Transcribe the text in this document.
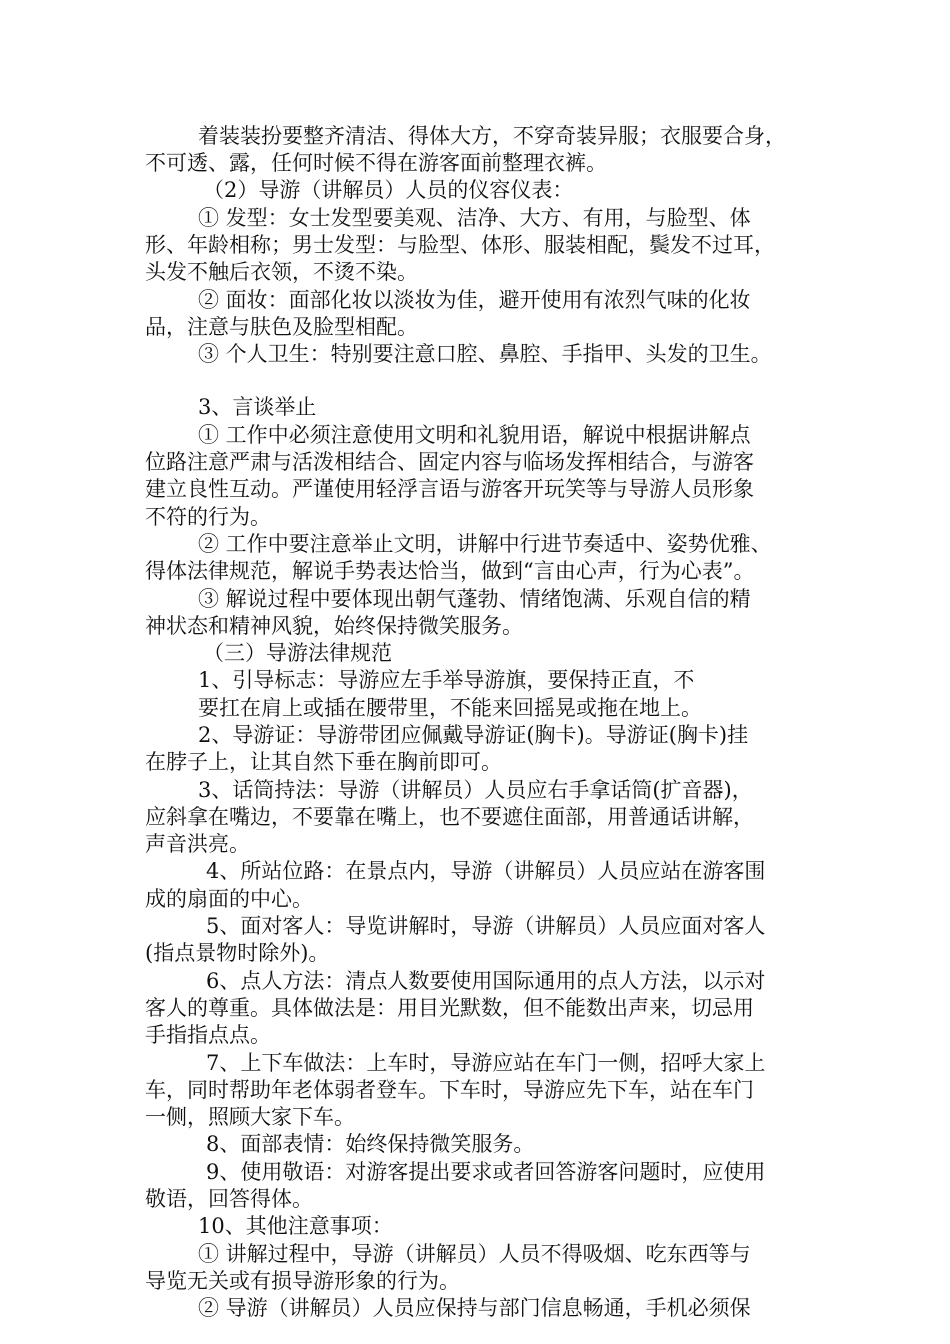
着装装扮要整齐清洁、得体大方，不穿奇装异服；衣服要合身，

不可透、露，任何时候不得在游客面前整理衣裤。

（2）导游（讲解员）人员的仪容仪表：

① 发型：女士发型要美观、洁净、大方、有用，与脸型、体

形、年龄相称；男士发型：与脸型、体形、服装相配，鬓发不过耳，

头发不触后衣领，不烫不染。

② 面妆：面部化妆以淡妆为佳，避开使用有浓烈气味的化妆

品，注意与肤色及脸型相配。

③ 个人卫生：特别要注意口腔、鼻腔、手指甲、头发的卫生。

3、言谈举止

① 工作中必须注意使用文明和礼貌用语，解说中根据讲解点

位路注意严肃与活泼相结合、固定内容与临场发挥相结合，与游客

建立良性互动。严谨使用轻浮言语与游客开玩笑等与导游人员形象

不符的行为。

② 工作中要注意举止文明，讲解中行进节奏适中、姿势优雅、

得体法律规范，解说手势表达恰当，做到“言由心声，行为心表”。

③ 解说过程中要体现出朝气蓬勃、情绪饱满、乐观自信的精

神状态和精神风貌，始终保持微笑服务。

（三）导游法律规范

1、引导标志：导游应左手举导游旗，要保持正直，不

要扛在肩上或插在腰带里，不能来回摇晃或拖在地上。

2、导游证：导游带团应佩戴导游证(胸卡)。导游证(胸卡)挂

在脖子上，让其自然下垂在胸前即可。

3、话筒持法：导游（讲解员）人员应右手拿话筒(扩音器)，

应斜拿在嘴边，不要靠在嘴上，也不要遮住面部，用普通话讲解，

声音洪亮。

4、所站位路：在景点内，导游（讲解员）人员应站在游客围

成的扇面的中心。

5、面对客人：导览讲解时，导游（讲解员）人员应面对客人

(指点景物时除外)。

6、点人方法：清点人数要使用国际通用的点人方法，以示对

客人的尊重。具体做法是：用目光默数，但不能数出声来，切忌用

手指指点点。

7、上下车做法：上车时，导游应站在车门一侧，招呼大家上

车，同时帮助年老体弱者登车。下车时，导游应先下车，站在车门

一侧，照顾大家下车。

8、面部表情：始终保持微笑服务。

9、使用敬语：对游客提出要求或者回答游客问题时，应使用

敬语，回答得体。

10、其他注意事项：

① 讲解过程中，导游（讲解员）人员不得吸烟、吃东西等与

导览无关或有损导游形象的行为。

② 导游（讲解员）人员应保持与部门信息畅通，手机必须保
